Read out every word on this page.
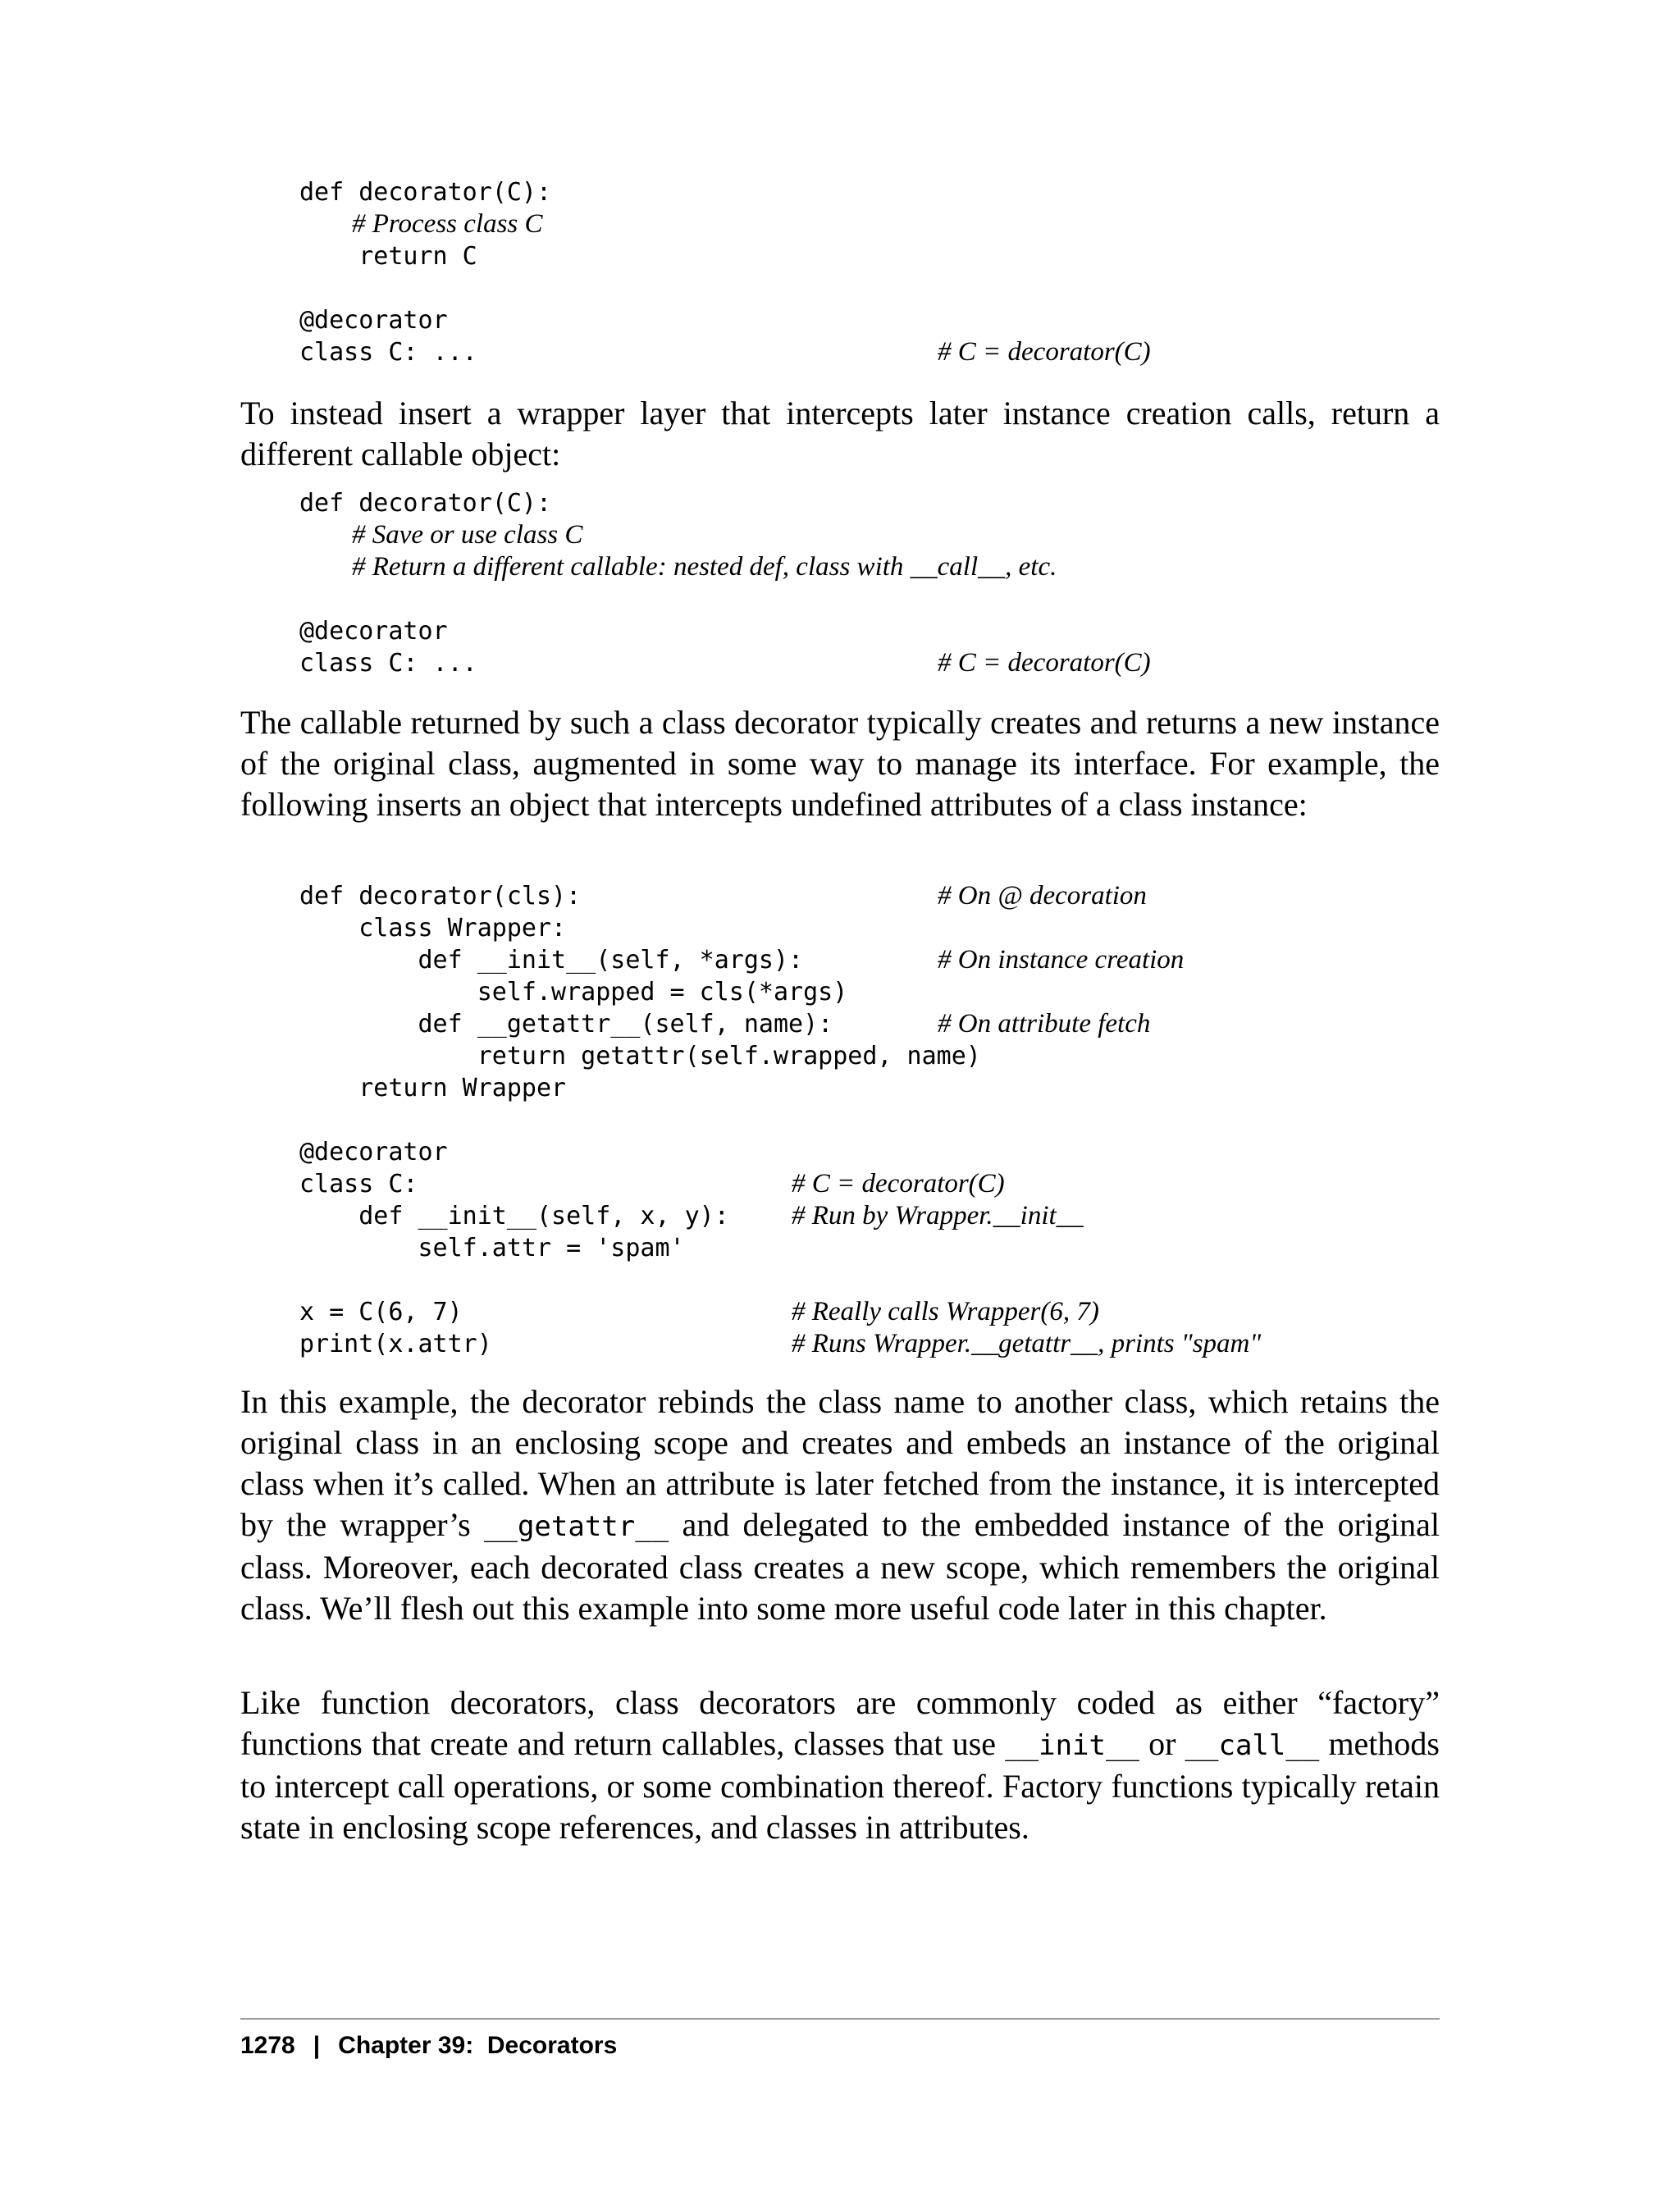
def decorator(C):
# Process class C
return C
@decorator
class C: ...	# C = decorator(C)

To instead insert a wrapper layer that intercepts later instance creation calls, return a different callable object:

def decorator(C):
# Save or use class C
# Return a different callable: nested def, class with __call__, etc.
@decorator
class C: ...	# C = decorator(C)

The callable returned by such a class decorator typically creates and returns a new instance of the original class, augmented in some way to manage its interface. For example, the following inserts an object that intercepts undefined attributes of a class instance:

def decorator(cls):	# On @ decoration
class Wrapper:
def __init__(self, *args):	# On instance creation
self.wrapped = cls(*args)
def __getattr__(self, name):	# On attribute fetch
return getattr(self.wrapped, name)
return Wrapper
@decorator
class C:	# C = decorator(C)
def __init__(self, x, y): # Run by Wrapper.__init__
self.attr = 'spam'
x = C(6, 7)	# Really calls Wrapper(6, 7)
print(x.attr)	# Runs Wrapper.__getattr__, prints "spam"

In this example, the decorator rebinds the class name to another class, which retains the original class in an enclosing scope and creates and embeds an instance of the original class when it’s called. When an attribute is later fetched from the instance, it is intercepted by the wrapper’s __getattr__ and delegated to the embedded instance of the original class. Moreover, each decorated class creates a new scope, which remembers the original class. We’ll flesh out this example into some more useful code later in this chapter.

Like function decorators, class decorators are commonly coded as either “factory” functions that create and return callables, classes that use __init__ or __call__ methods to intercept call operations, or some combination thereof. Factory functions typically retain state in enclosing scope references, and classes in attributes.

1278 | Chapter 39:  Decorators
